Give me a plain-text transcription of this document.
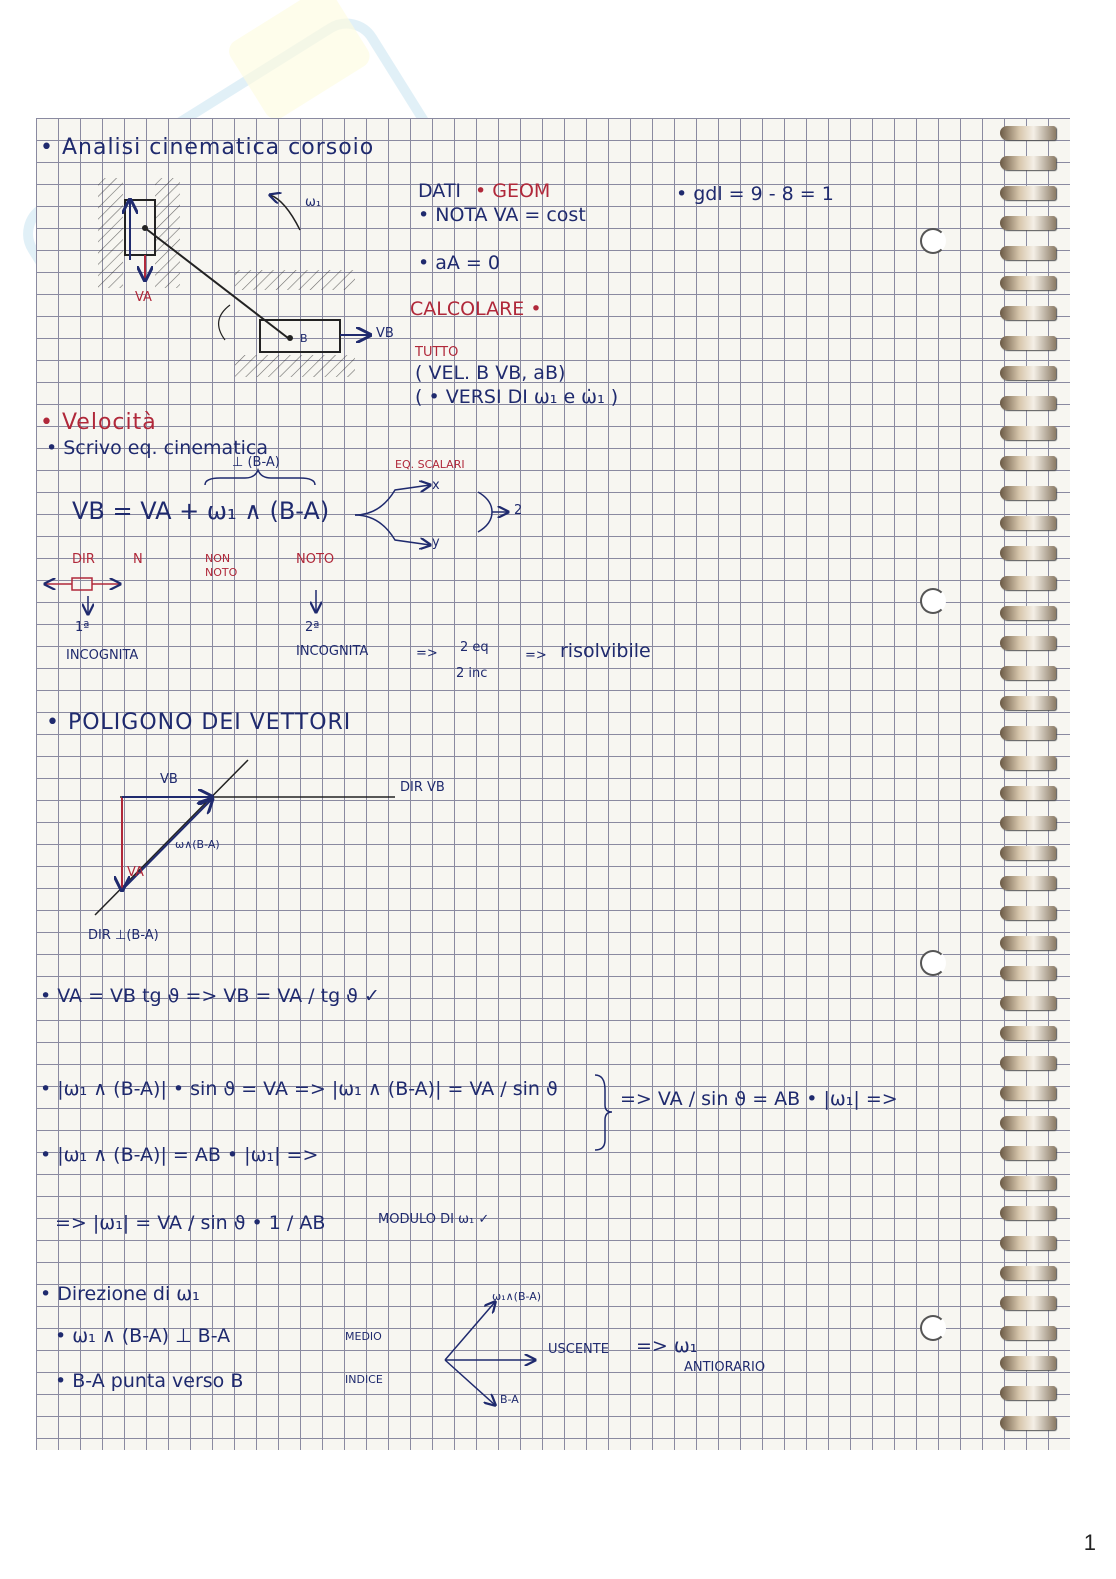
• Analisi cinematica corsoio
ω₁
VA
VB
B
DATI • GEOM
• NOTA VA = cost
• aA = 0
CALCOLARE •
TUTTO
( VEL. B VB, aB)
( • VERSI DI ω₁ e ω̇₁ )
• gdl = 9 - 8 = 1
• Velocità
• Scrivo eq. cinematica
⊥ (B-A)
VB = VA + ω₁ ∧ (B-A)
EQ. SCALARI
x
y
2
DIR	N	NON NOTO
NOTO
1ª
INCOGNITA
2ª
INCOGNITA	=> 2 eq
2 inc
=> risolvibile
• POLIGONO DEI VETTORI
VB
DIR VB
ω∧(B-A)
VA
DIR ⊥(B-A)
• VA = VB tg ϑ => VB = VA / tg ϑ ✓
• |ω₁ ∧ (B-A)| • sin ϑ = VA => |ω₁ ∧ (B-A)| = VA / sin ϑ	=> VA / sin ϑ = AB • |ω₁| =>
• |ω₁ ∧ (B-A)| = AB • |ω₁| =>
=> |ω₁| = VA / sin ϑ • 1 / AB	MODULO DI ω₁ ✓
• Direzione di ω₁
• ω₁ ∧ (B-A) ⊥ B-A	MEDIO
• B-A punta verso B	INDICE
ω₁∧(B-A)
USCENTE
B-A
=> ω₁
ANTIORARIO
1
